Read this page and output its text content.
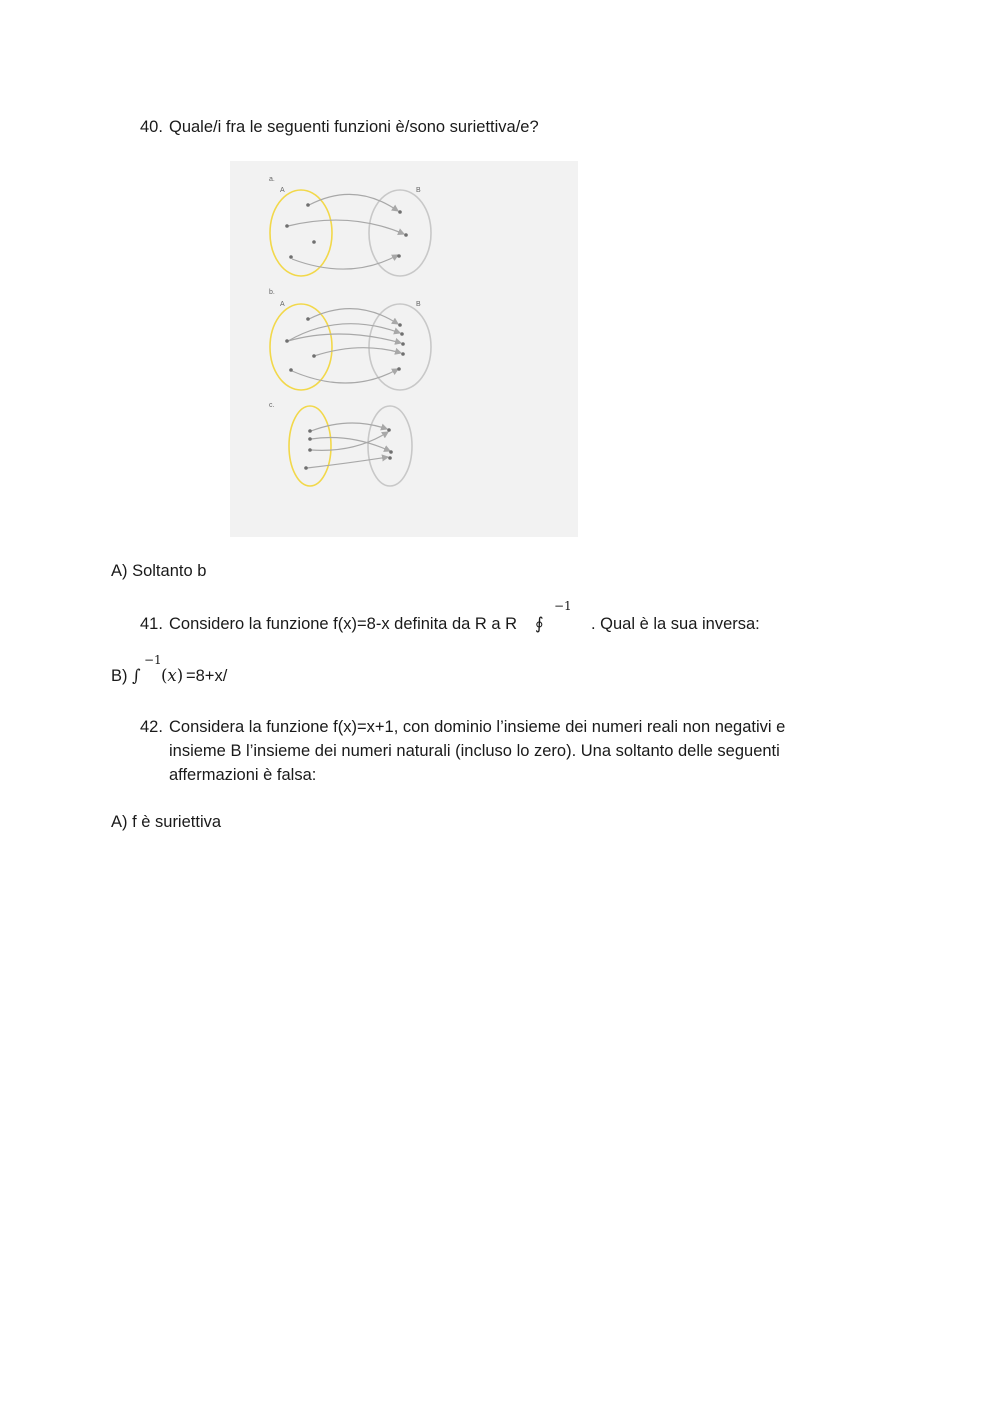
40. Quale/i fra le seguenti funzioni è/sono suriettiva/e?
a.
A	B
b.
A	B
c.
A) Soltanto b
41. Considero la funzione f(x)=8-x definita da R a R ∮
−1
. Qual è la sua inversa:
B) ∫
−1
(𝑥) =8+x/
42. Considera la funzione f(x)=x+1, con dominio l’insieme dei numeri reali non negativi e
insieme B l’insieme dei numeri naturali (incluso lo zero). Una soltanto delle seguenti
affermazioni è falsa:
A) f è suriettiva
